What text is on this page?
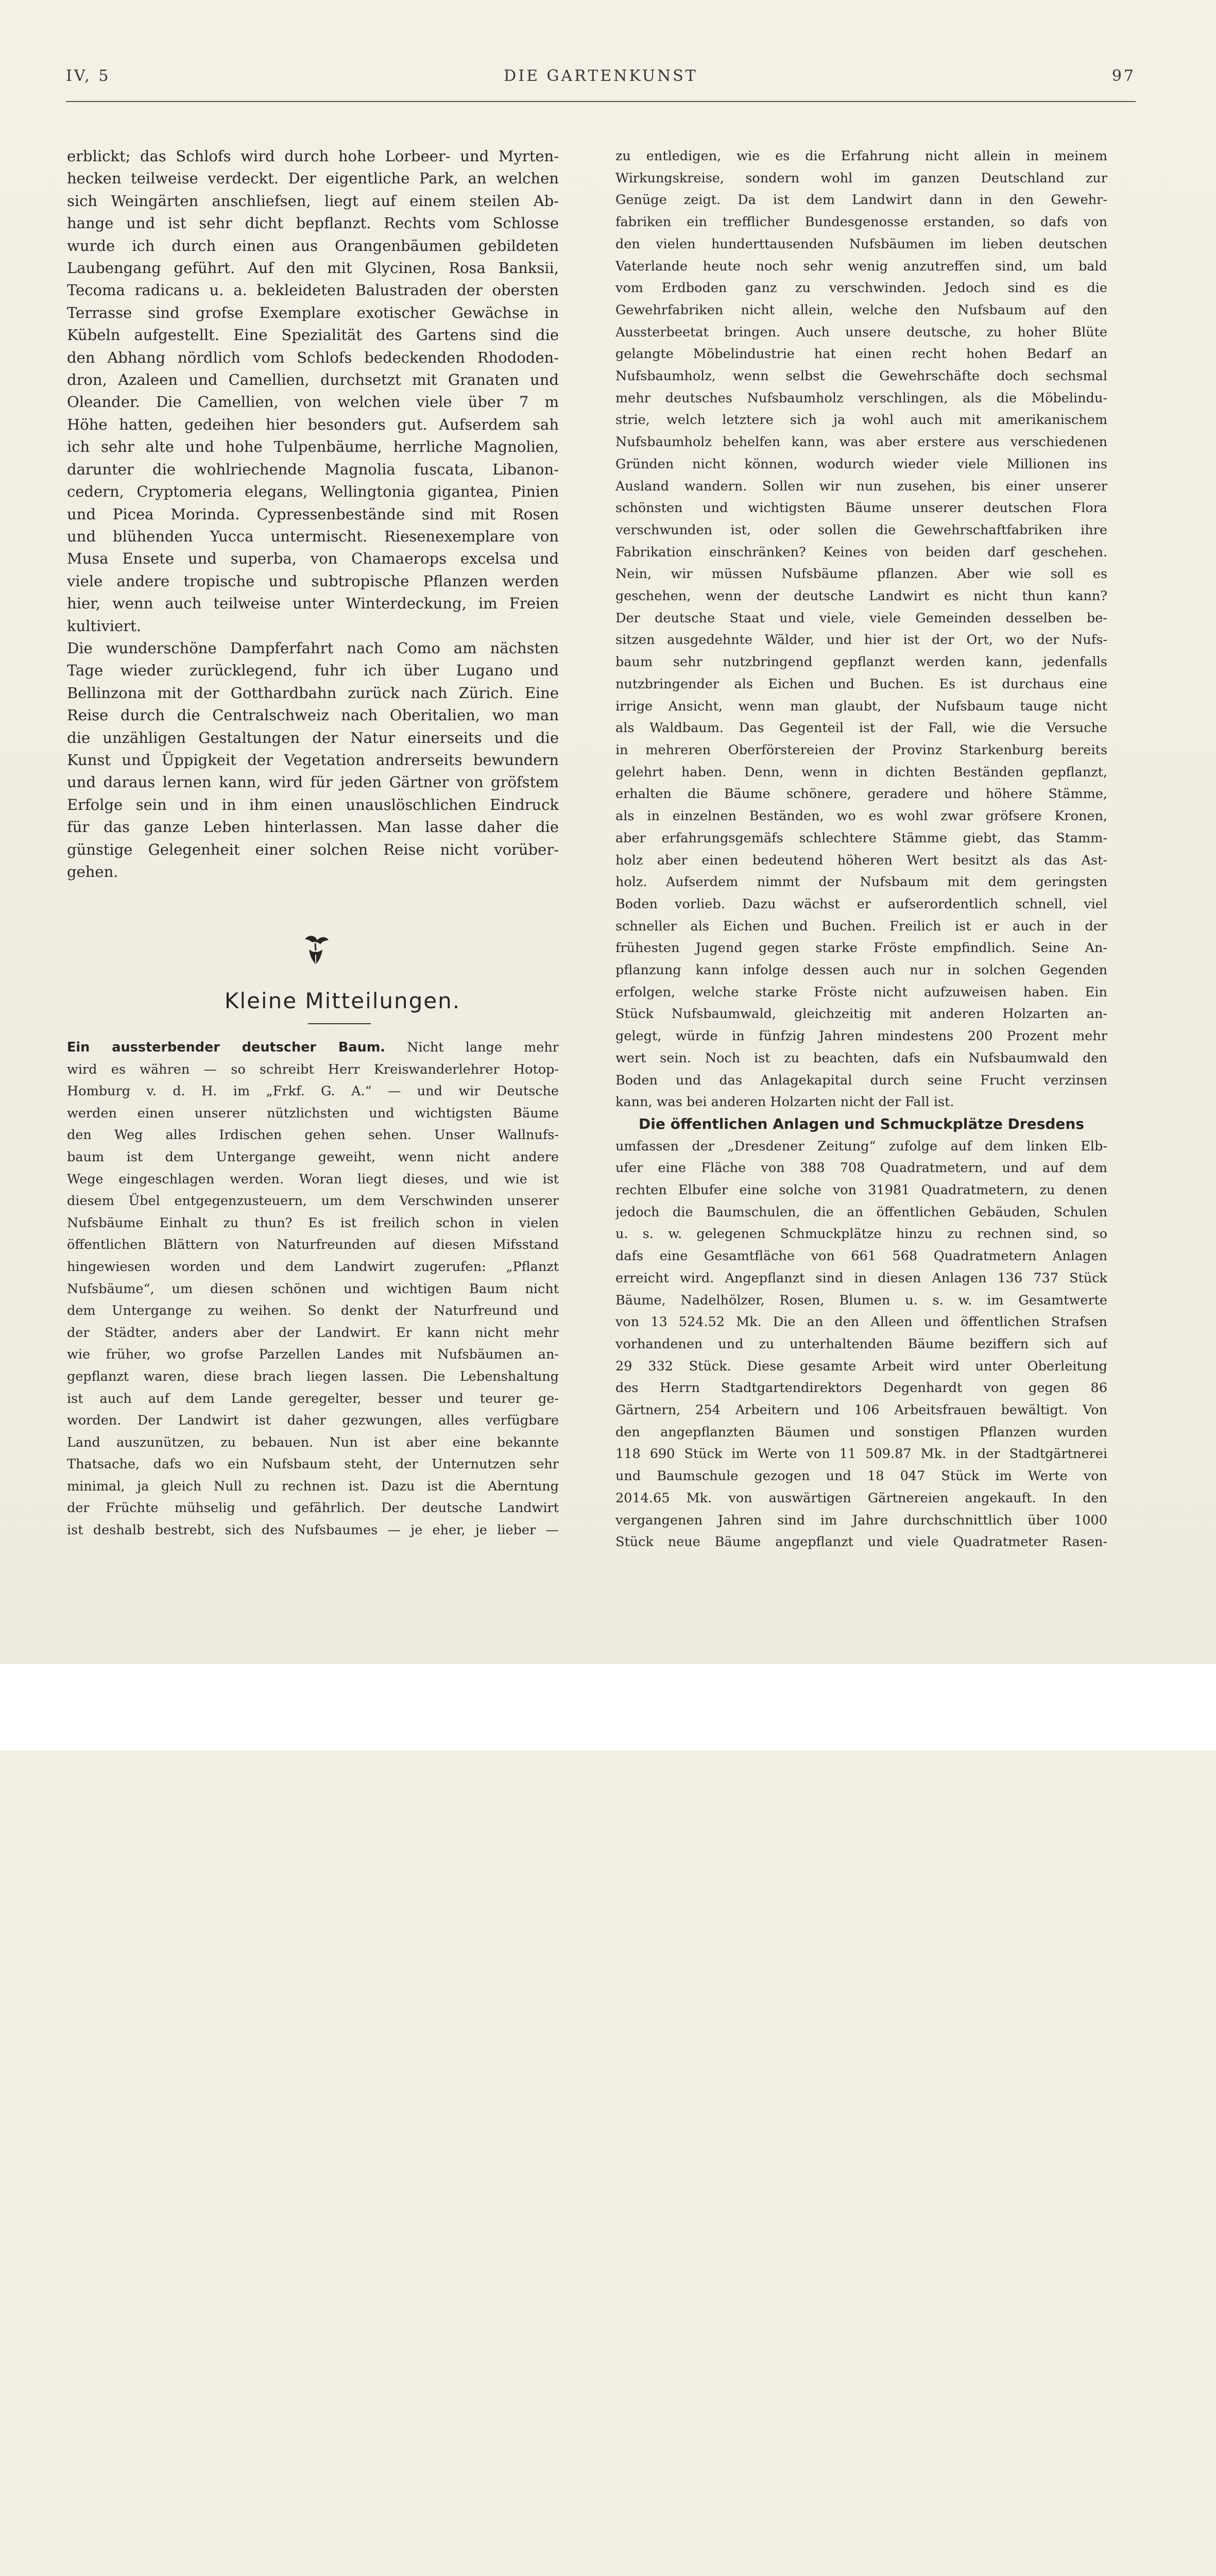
IV, 5	DIE GARTENKUNST	97

erblickt; das Schlofs wird durch hohe Lorbeer- und Myrten-

hecken teilweise verdeckt. Der eigentliche Park, an welchen

sich Weingärten anschliefsen, liegt auf einem steilen Ab-

hange und ist sehr dicht bepflanzt. Rechts vom Schlosse

wurde ich durch einen aus Orangenbäumen gebildeten

Laubengang geführt. Auf den mit Glycinen, Rosa Banksii,

Tecoma radicans u. a. bekleideten Balustraden der obersten

Terrasse sind grofse Exemplare exotischer Gewächse in

Kübeln aufgestellt. Eine Spezialität des Gartens sind die

den Abhang nördlich vom Schlofs bedeckenden Rhododen-

dron, Azaleen und Camellien, durchsetzt mit Granaten und

Oleander. Die Camellien, von welchen viele über 7 m

Höhe hatten, gedeihen hier besonders gut. Aufserdem sah

ich sehr alte und hohe Tulpenbäume, herrliche Magnolien,

darunter die wohlriechende Magnolia fuscata, Libanon-

cedern, Cryptomeria elegans, Wellingtonia gigantea, Pinien

und Picea Morinda. Cypressenbestände sind mit Rosen

und blühenden Yucca untermischt. Riesenexemplare von

Musa Ensete und superba, von Chamaerops excelsa und

viele andere tropische und subtropische Pflanzen werden

hier, wenn auch teilweise unter Winterdeckung, im Freien

kultiviert.

Die wunderschöne Dampferfahrt nach Como am nächsten

Tage wieder zurücklegend, fuhr ich über Lugano und

Bellinzona mit der Gotthardbahn zurück nach Zürich. Eine

Reise durch die Centralschweiz nach Oberitalien, wo man

die unzähligen Gestaltungen der Natur einerseits und die

Kunst und Üppigkeit der Vegetation andrerseits bewundern

und daraus lernen kann, wird für jeden Gärtner von gröfstem

Erfolge sein und in ihm einen unauslöschlichen Eindruck

für das ganze Leben hinterlassen. Man lasse daher die

günstige Gelegenheit einer solchen Reise nicht vorüber-

gehen.

Kleine Mitteilungen.

Ein aussterbender deutscher Baum. Nicht lange mehr

wird es währen — so schreibt Herr Kreiswanderlehrer Hotop-

Homburg v. d. H. im „Frkf. G. A.“ — und wir Deutsche

werden einen unserer nützlichsten und wichtigsten Bäume

den Weg alles Irdischen gehen sehen. Unser Wallnufs-

baum ist dem Untergange geweiht, wenn nicht andere

Wege eingeschlagen werden. Woran liegt dieses, und wie ist

diesem Übel entgegenzusteuern, um dem Verschwinden unserer

Nufsbäume Einhalt zu thun? Es ist freilich schon in vielen

öffentlichen Blättern von Naturfreunden auf diesen Mifsstand

hingewiesen worden und dem Landwirt zugerufen: „Pflanzt

Nufsbäume“, um diesen schönen und wichtigen Baum nicht

dem Untergange zu weihen. So denkt der Naturfreund und

der Städter, anders aber der Landwirt. Er kann nicht mehr

wie früher, wo grofse Parzellen Landes mit Nufsbäumen an-

gepflanzt waren, diese brach liegen lassen. Die Lebenshaltung

ist auch auf dem Lande geregelter, besser und teurer ge-

worden. Der Landwirt ist daher gezwungen, alles verfügbare

Land auszunützen, zu bebauen. Nun ist aber eine bekannte

Thatsache, dafs wo ein Nufsbaum steht, der Unternutzen sehr

minimal, ja gleich Null zu rechnen ist. Dazu ist die Aberntung

der Früchte mühselig und gefährlich. Der deutsche Landwirt

ist deshalb bestrebt, sich des Nufsbaumes — je eher, je lieber —

zu entledigen, wie es die Erfahrung nicht allein in meinem

Wirkungskreise, sondern wohl im ganzen Deutschland zur

Genüge zeigt. Da ist dem Landwirt dann in den Gewehr-

fabriken ein trefflicher Bundesgenosse erstanden, so dafs von

den vielen hunderttausenden Nufsbäumen im lieben deutschen

Vaterlande heute noch sehr wenig anzutreffen sind, um bald

vom Erdboden ganz zu verschwinden. Jedoch sind es die

Gewehrfabriken nicht allein, welche den Nufsbaum auf den

Aussterbeetat bringen. Auch unsere deutsche, zu hoher Blüte

gelangte Möbelindustrie hat einen recht hohen Bedarf an

Nufsbaumholz, wenn selbst die Gewehrschäfte doch sechsmal

mehr deutsches Nufsbaumholz verschlingen, als die Möbelindu-

strie, welch letztere sich ja wohl auch mit amerikanischem

Nufsbaumholz behelfen kann, was aber erstere aus verschiedenen

Gründen nicht können, wodurch wieder viele Millionen ins

Ausland wandern. Sollen wir nun zusehen, bis einer unserer

schönsten und wichtigsten Bäume unserer deutschen Flora

verschwunden ist, oder sollen die Gewehrschaftfabriken ihre

Fabrikation einschränken? Keines von beiden darf geschehen.

Nein, wir müssen Nufsbäume pflanzen. Aber wie soll es

geschehen, wenn der deutsche Landwirt es nicht thun kann?

Der deutsche Staat und viele, viele Gemeinden desselben be-

sitzen ausgedehnte Wälder, und hier ist der Ort, wo der Nufs-

baum sehr nutzbringend gepflanzt werden kann, jedenfalls

nutzbringender als Eichen und Buchen. Es ist durchaus eine

irrige Ansicht, wenn man glaubt, der Nufsbaum tauge nicht

als Waldbaum. Das Gegenteil ist der Fall, wie die Versuche

in mehreren Oberförstereien der Provinz Starkenburg bereits

gelehrt haben. Denn, wenn in dichten Beständen gepflanzt,

erhalten die Bäume schönere, geradere und höhere Stämme,

als in einzelnen Beständen, wo es wohl zwar gröfsere Kronen,

aber erfahrungsgemäfs schlechtere Stämme giebt, das Stamm-

holz aber einen bedeutend höheren Wert besitzt als das Ast-

holz. Aufserdem nimmt der Nufsbaum mit dem geringsten

Boden vorlieb. Dazu wächst er aufserordentlich schnell, viel

schneller als Eichen und Buchen. Freilich ist er auch in der

frühesten Jugend gegen starke Fröste empfindlich. Seine An-

pflanzung kann infolge dessen auch nur in solchen Gegenden

erfolgen, welche starke Fröste nicht aufzuweisen haben. Ein

Stück Nufsbaumwald, gleichzeitig mit anderen Holzarten an-

gelegt, würde in fünfzig Jahren mindestens 200 Prozent mehr

wert sein. Noch ist zu beachten, dafs ein Nufsbaumwald den

Boden und das Anlagekapital durch seine Frucht verzinsen

kann, was bei anderen Holzarten nicht der Fall ist.

Die öffentlichen Anlagen und Schmuckplätze Dresdens

umfassen der „Dresdener Zeitung“ zufolge auf dem linken Elb-

ufer eine Fläche von 388 708 Quadratmetern, und auf dem

rechten Elbufer eine solche von 31981 Quadratmetern, zu denen

jedoch die Baumschulen, die an öffentlichen Gebäuden, Schulen

u. s. w. gelegenen Schmuckplätze hinzu zu rechnen sind, so

dafs eine Gesamtfläche von 661 568 Quadratmetern Anlagen

erreicht wird. Angepflanzt sind in diesen Anlagen 136 737 Stück

Bäume, Nadelhölzer, Rosen, Blumen u. s. w. im Gesamtwerte

von 13 524.52 Mk. Die an den Alleen und öffentlichen Strafsen

vorhandenen und zu unterhaltenden Bäume beziffern sich auf

29 332 Stück. Diese gesamte Arbeit wird unter Oberleitung

des Herrn Stadtgartendirektors Degenhardt von gegen 86

Gärtnern, 254 Arbeitern und 106 Arbeitsfrauen bewältigt. Von

den angepflanzten Bäumen und sonstigen Pflanzen wurden

118 690 Stück im Werte von 11 509.87 Mk. in der Stadtgärtnerei

und Baumschule gezogen und 18 047 Stück im Werte von

2014.65 Mk. von auswärtigen Gärtnereien angekauft. In den

vergangenen Jahren sind im Jahre durchschnittlich über 1000

Stück neue Bäume angepflanzt und viele Quadratmeter Rasen-
